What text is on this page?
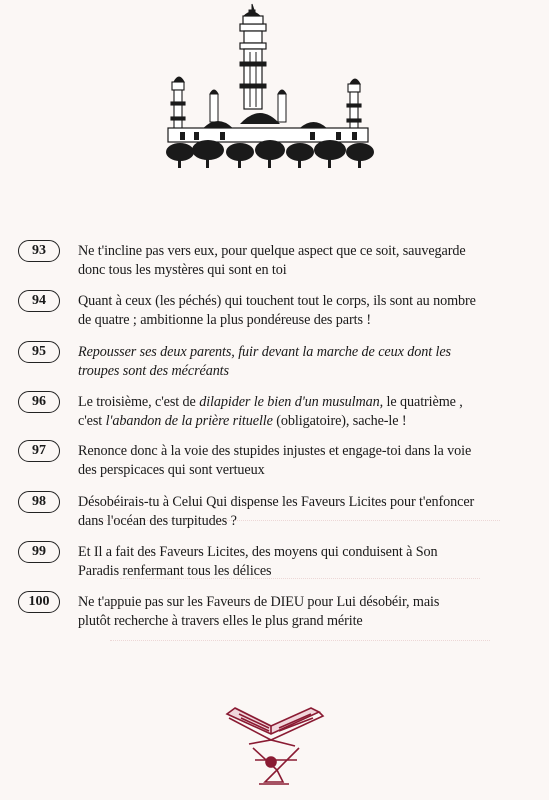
93	Ne t'incline pas vers eux, pour quelque aspect que ce soit, sauvegarde
donc tous les mystères qui sont en toi
94	Quant à ceux (les péchés) qui touchent tout le corps, ils sont au nombre
de quatre ; ambitionne la plus pondéreuse des parts !
95	Repousser ses deux parents, fuir devant la marche de ceux dont les
troupes sont des mécréants
96	Le troisième, c'est de dilapider le bien d'un musulman, le quatrième ,
c'est l'abandon de la prière rituelle (obligatoire), sache-le !
97	Renonce donc à la voie des stupides injustes et engage-toi dans la voie
des perspicaces qui sont vertueux
98	Désobéirais-tu à Celui Qui dispense les Faveurs Licites pour t'enfoncer
dans l'océan des turpitudes ?
99	Et Il a fait des Faveurs Licites, des moyens qui conduisent à Son
Paradis renfermant tous les délices
100	Ne t'appuie pas sur les Faveurs de DIEU pour Lui désobéir, mais
plutôt recherche à travers elles le plus grand mérite
